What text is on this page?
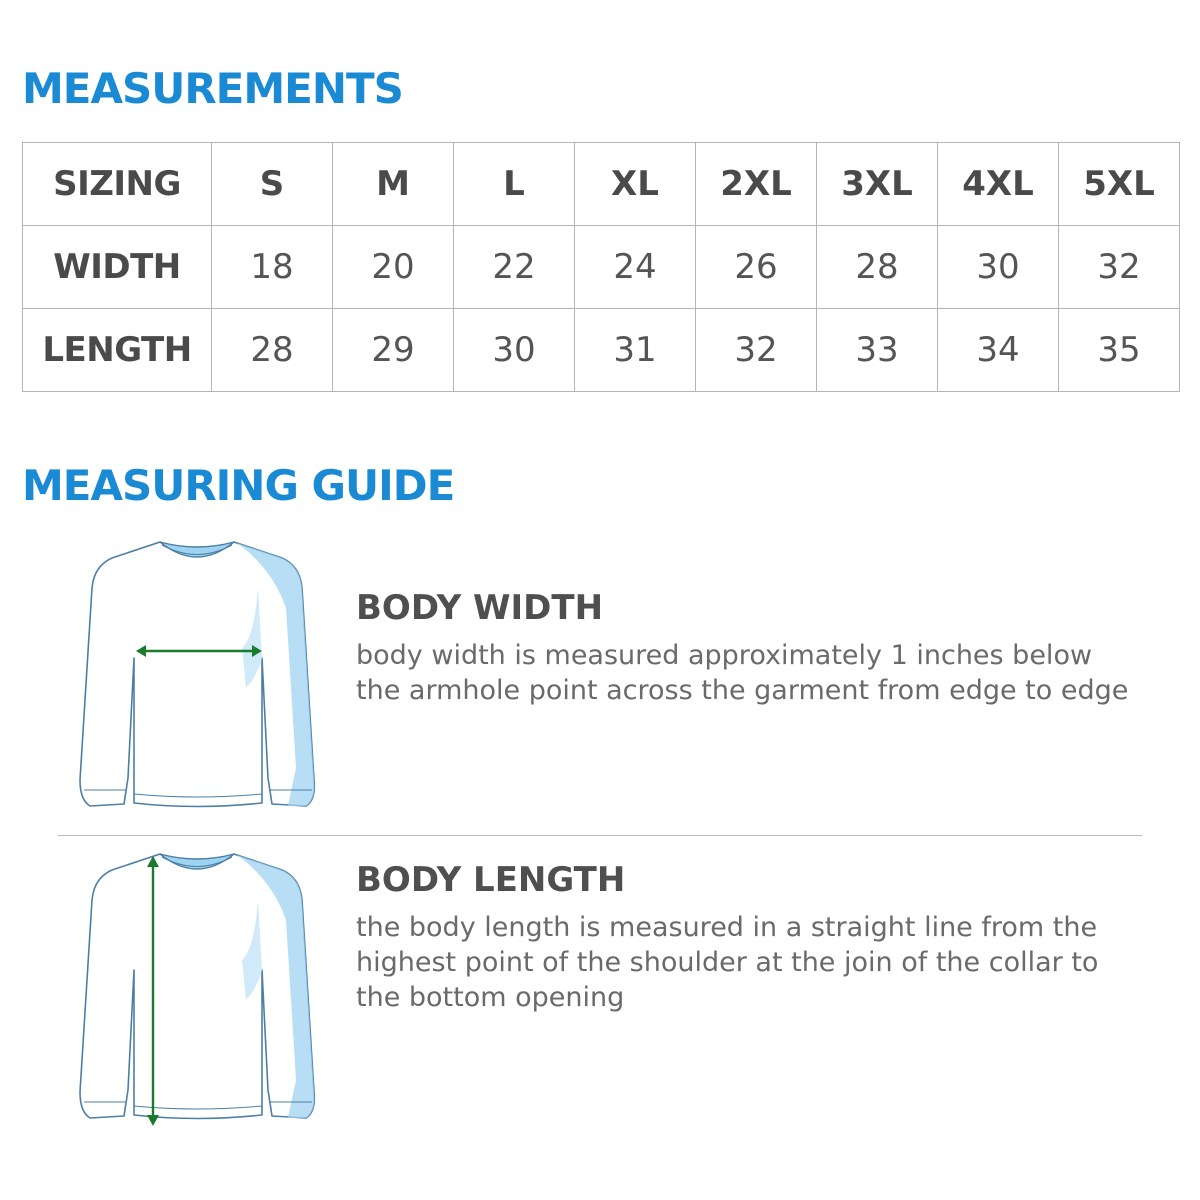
MEASUREMENTS
SIZING	S	M	L	XL	2XL	3XL	4XL	5XL
WIDTH	18	20	22	24	26	28	30	32
LENGTH	28	29	30	31	32	33	34	35
MEASURING GUIDE
BODY WIDTH

body width is measured approximately 1 inches below
the armhole point across the garment from edge to edge

BODY LENGTH

the body length is measured in a straight line from the
highest point of the shoulder at the join of the collar to
the bottom opening
